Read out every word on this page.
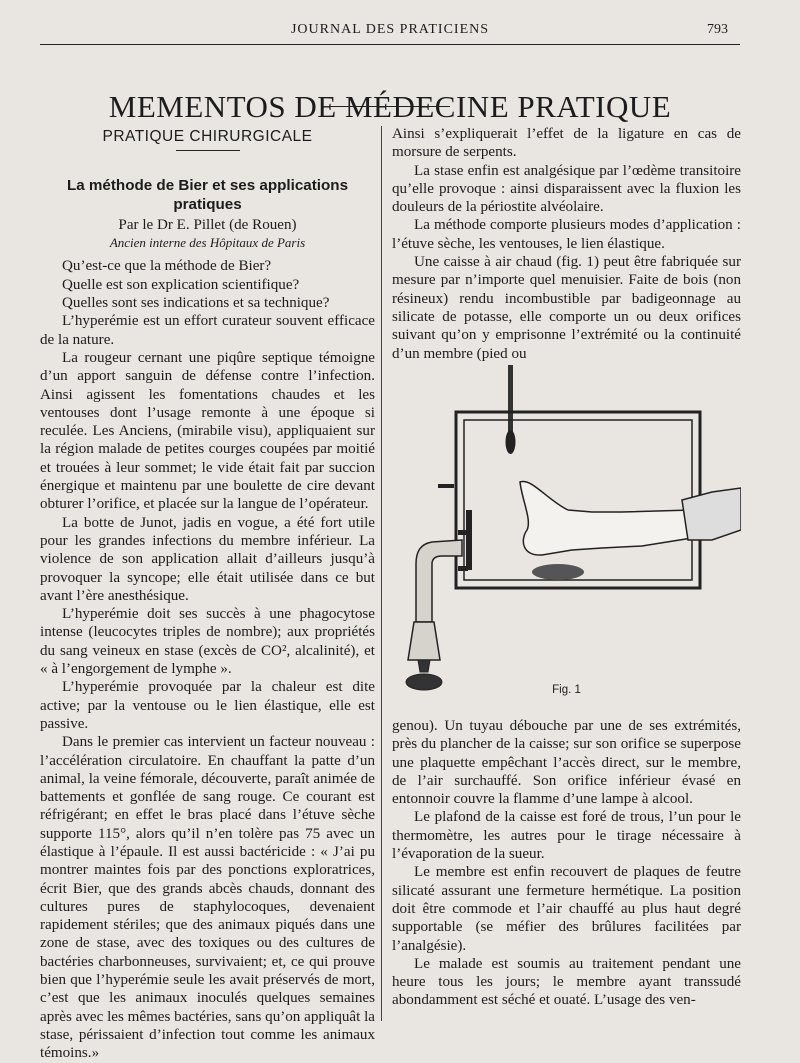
JOURNAL DES PRATICIENS	793
MEMENTOS DE MÉDECINE PRATIQUE
PRATIQUE CHIRURGICALE
La méthode de Bier et ses applications pratiques
Par le Dr E. Pillet (de Rouen)
Ancien interne des Hôpitaux de Paris
Qu’est-ce que la méthode de Bier?
Quelle est son explication scientifique?
Quelles sont ses indications et sa technique?

L’hyperémie est un effort curateur souvent efficace de la nature.

La rougeur cernant une piqûre septique témoigne d’un apport sanguin de défense contre l’infection. Ainsi agissent les fomentations chaudes et les ventouses dont l’usage remonte à une époque si reculée. Les Anciens, (mirabile visu), appliquaient sur la région malade de petites courges coupées par moitié et trouées à leur sommet; le vide était fait par succion énergique et maintenu par une boulette de cire devant obturer l’orifice, et placée sur la langue de l’opérateur.

La botte de Junot, jadis en vogue, a été fort utile pour les grandes infections du membre inférieur. La violence de son application allait d’ailleurs jusqu’à provoquer la syncope; elle était utilisée dans ce but avant l’ère anesthésique.

L’hyperémie doit ses succès à une phagocytose intense (leucocytes triples de nombre); aux propriétés du sang veineux en stase (excès de CO², alcalinité), et « à l’engorgement de lymphe ».

L’hyperémie provoquée par la chaleur est dite active; par la ventouse ou le lien élastique, elle est passive.

Dans le premier cas intervient un facteur nouveau : l’accélération circulatoire. En chauffant la patte d’un animal, la veine fémorale, découverte, paraît animée de battements et gonflée de sang rouge. Ce courant est réfrigérant; en effet le bras placé dans l’étuve sèche supporte 115°, alors qu’il n’en tolère pas 75 avec un élastique à l’épaule. Il est aussi bactéricide : « J’ai pu montrer maintes fois par des ponctions exploratrices, écrit Bier, que des grands abcès chauds, donnant des cultures pures de staphylocoques, devenaient rapidement stériles; que des animaux piqués dans une zone de stase, avec des toxiques ou des cultures de bactéries charbonneuses, survivaient; et, ce qui prouve bien que l’hyperémie seule les avait préservés de mort, c’est que les animaux inoculés quelques semaines après avec les mêmes bactéries, sans qu’on appliquât la stase, périssaient d’infection tout comme les animaux témoins.»

Ainsi s’expliquerait l’effet de la ligature en cas de morsure de serpents.

La stase enfin est analgésique par l’œdème transitoire qu’elle provoque : ainsi disparaissent avec la fluxion les douleurs de la périostite alvéolaire.

La méthode comporte plusieurs modes d’application : l’étuve sèche, les ventouses, le lien élastique.

Une caisse à air chaud (fig. 1) peut être fabriquée sur mesure par n’importe quel menuisier. Faite de bois (non résineux) rendu incombustible par badigeonnage au silicate de potasse, elle comporte un ou deux orifices suivant qu’on y emprisonne l’extrémité ou la continuité d’un membre (pied ou

Fig. 1

genou). Un tuyau débouche par une de ses extrémités, près du plancher de la caisse; sur son orifice se superpose une plaquette empêchant l’accès direct, sur le membre, de l’air surchauffé. Son orifice inférieur évasé en entonnoir couvre la flamme d’une lampe à alcool.

Le plafond de la caisse est foré de trous, l’un pour le thermomètre, les autres pour le tirage nécessaire à l’évaporation de la sueur.

Le membre est enfin recouvert de plaques de feutre silicaté assurant une fermeture hermétique. La position doit être commode et l’air chauffé au plus haut degré supportable (se méfier des brûlures facilitées par l’analgésie).

Le malade est soumis au traitement pendant une heure tous les jours; le membre ayant transsudé abondamment est séché et ouaté. L’usage des ven-
